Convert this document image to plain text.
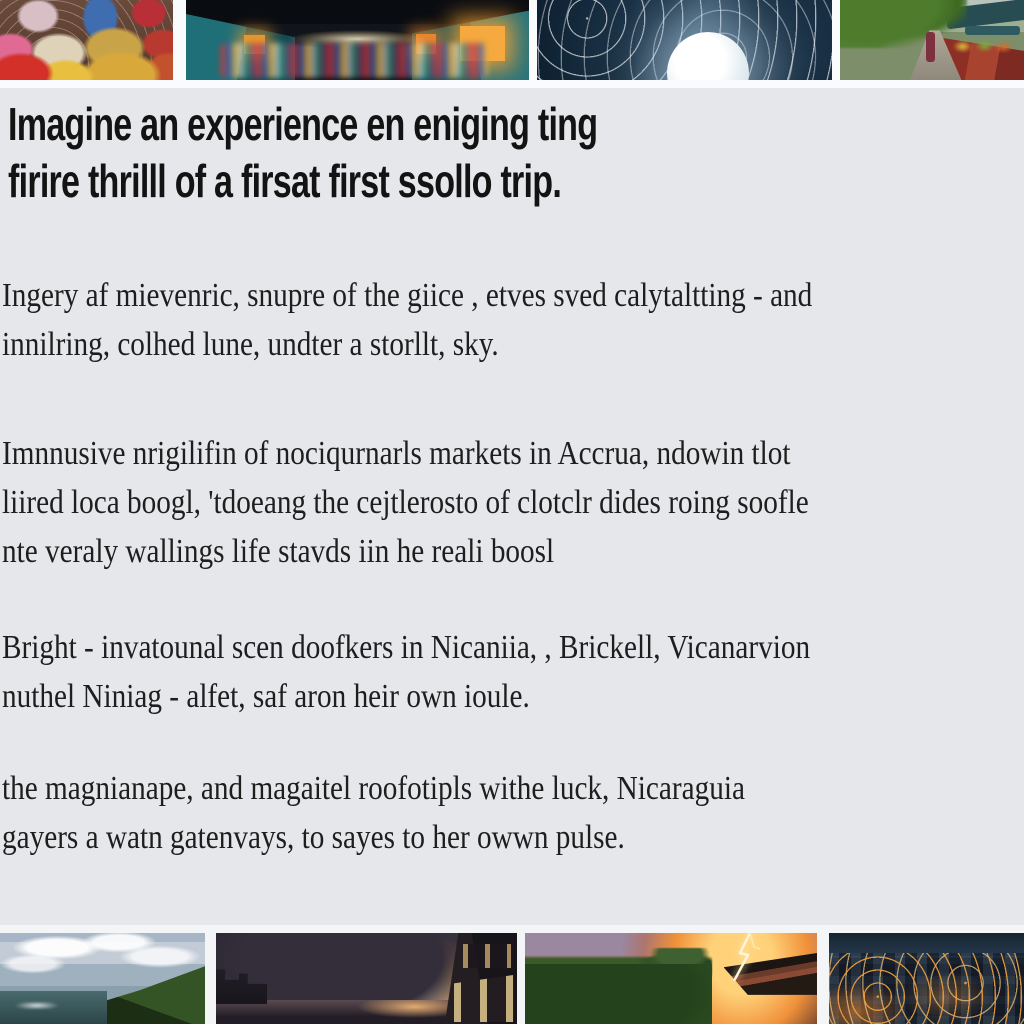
Imagine an experience en eniging ting
firire thrilll of a firsat first ssollo trip.
Ingery af mievenric, snupre of the giice , etves sved calytaltting - and
innilring, colhed lune, undter a storllt, sky.
Imnnusive nrigilifin of nociqurnarls markets in Accrua, ndowin tlot
liired loca boogl, 'tdoeang the cejtlerosto of clotclr dides roing soofle
nte veraly wallings life stavds iin he reali boosl
Bright - invatounal scen doofkers in Nicaniia, , Brickell, Vicanarvion
nuthel Niniag - alfet, saf aron heir own ioule.
the magnianape, and magaitel roofotipls withe luck, Nicaraguia
gayers a watn gatenvays, to sayes to her owwn pulse.
